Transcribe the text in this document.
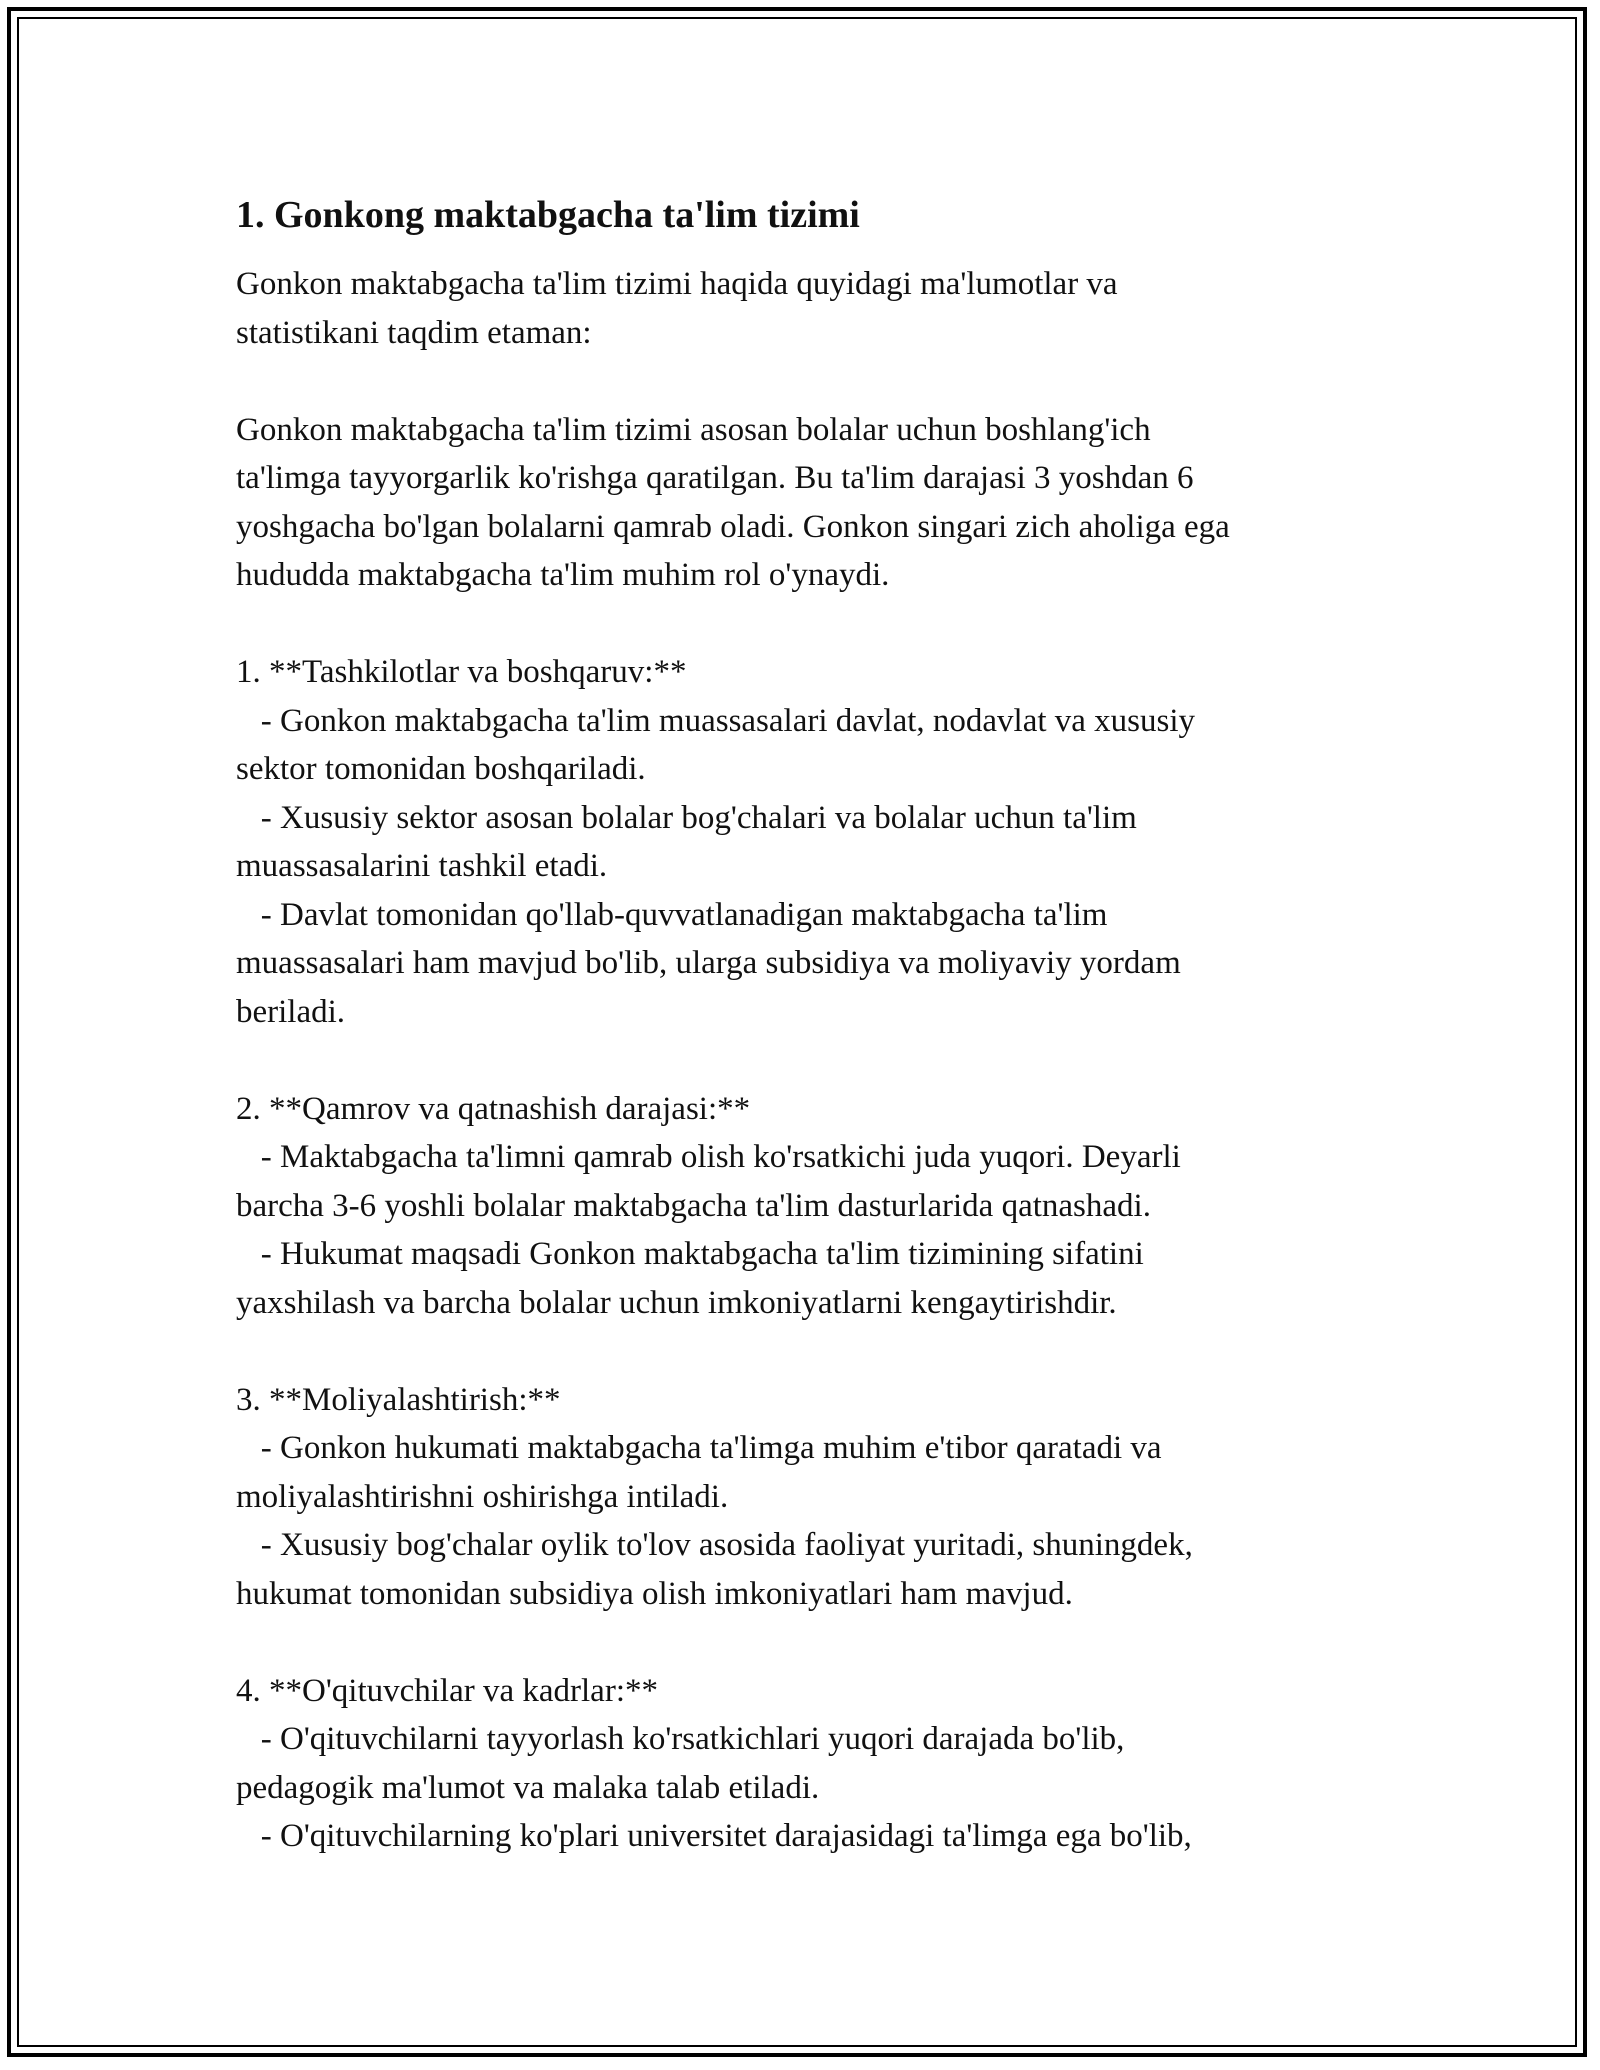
1. Gonkong maktabgacha ta'lim tizimi
Gonkon maktabgacha ta'lim tizimi haqida quyidagi ma'lumotlar va
statistikani taqdim etaman:
Gonkon maktabgacha ta'lim tizimi asosan bolalar uchun boshlang'ich
ta'limga tayyorgarlik ko'rishga qaratilgan. Bu ta'lim darajasi 3 yoshdan 6
yoshgacha bo'lgan bolalarni qamrab oladi. Gonkon singari zich aholiga ega
hududda maktabgacha ta'lim muhim rol o'ynaydi.
1. **Tashkilotlar va boshqaruv:**
- Gonkon maktabgacha ta'lim muassasalari davlat, nodavlat va xususiy
sektor tomonidan boshqariladi.
- Xususiy sektor asosan bolalar bog'chalari va bolalar uchun ta'lim
muassasalarini tashkil etadi.
- Davlat tomonidan qo'llab-quvvatlanadigan maktabgacha ta'lim
muassasalari ham mavjud bo'lib, ularga subsidiya va moliyaviy yordam
beriladi.
2. **Qamrov va qatnashish darajasi:**
- Maktabgacha ta'limni qamrab olish ko'rsatkichi juda yuqori. Deyarli
barcha 3-6 yoshli bolalar maktabgacha ta'lim dasturlarida qatnashadi.
- Hukumat maqsadi Gonkon maktabgacha ta'lim tizimining sifatini
yaxshilash va barcha bolalar uchun imkoniyatlarni kengaytirishdir.
3. **Moliyalashtirish:**
- Gonkon hukumati maktabgacha ta'limga muhim e'tibor qaratadi va
moliyalashtirishni oshirishga intiladi.
- Xususiy bog'chalar oylik to'lov asosida faoliyat yuritadi, shuningdek,
hukumat tomonidan subsidiya olish imkoniyatlari ham mavjud.
4. **O'qituvchilar va kadrlar:**
- O'qituvchilarni tayyorlash ko'rsatkichlari yuqori darajada bo'lib,
pedagogik ma'lumot va malaka talab etiladi.
- O'qituvchilarning ko'plari universitet darajasidagi ta'limga ega bo'lib,
